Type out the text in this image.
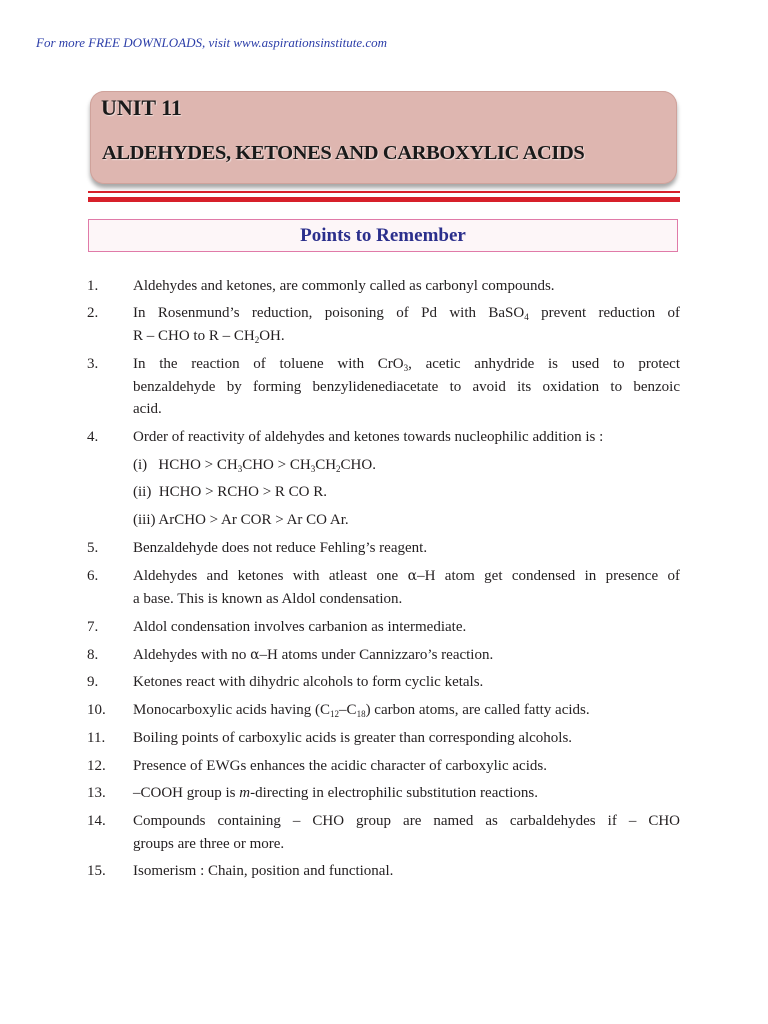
For more FREE DOWNLOADS, visit www.aspirationsinstitute.com
UNIT 11
ALDEHYDES, KETONES AND CARBOXYLIC ACIDS
Points to Remember
1. Aldehydes and ketones, are commonly called as carbonyl compounds.
2. In Rosenmund’s reduction, poisoning of Pd with BaSO$_4$ prevent reduction of
R – CHO to R – $CH_2OH$.
3. In the reaction of toluene with CrO$_3$, acetic anhydride is used to protect
benzaldehyde by forming benzylidenediacetate to avoid its oxidation to benzoic
acid.
4. Order of reactivity of aldehydes and ketones towards nucleophilic addition is :
(i)   HCHO > $CH_3CHO > CH_3CH_2CHO$.
(ii)  HCHO > RCHO > R CO R.
(iii) ArCHO > Ar COR > Ar CO Ar.
5. Benzaldehyde does not reduce Fehling’s reagent.
6. Aldehydes and ketones with atleast one α–H atom get condensed in presence of
a base. This is known as Aldol condensation.
7. Aldol condensation involves carbanion as intermediate.
8. Aldehydes with no α–H atoms under Cannizzaro’s reaction.
9. Ketones react with dihydric alcohols to form cyclic ketals.
10. Monocarboxylic acids having $(C_{12}-C_{18})$ carbon atoms, are called fatty acids.
11. Boiling points of carboxylic acids is greater than corresponding alcohols.
12. Presence of EWGs enhances the acidic character of carboxylic acids.
13. –COOH group is m-directing in electrophilic substitution reactions.
14. Compounds containing – CHO group are named as carbaldehydes if – CHO
groups are three or more.
15. Isomerism : Chain, position and functional.
